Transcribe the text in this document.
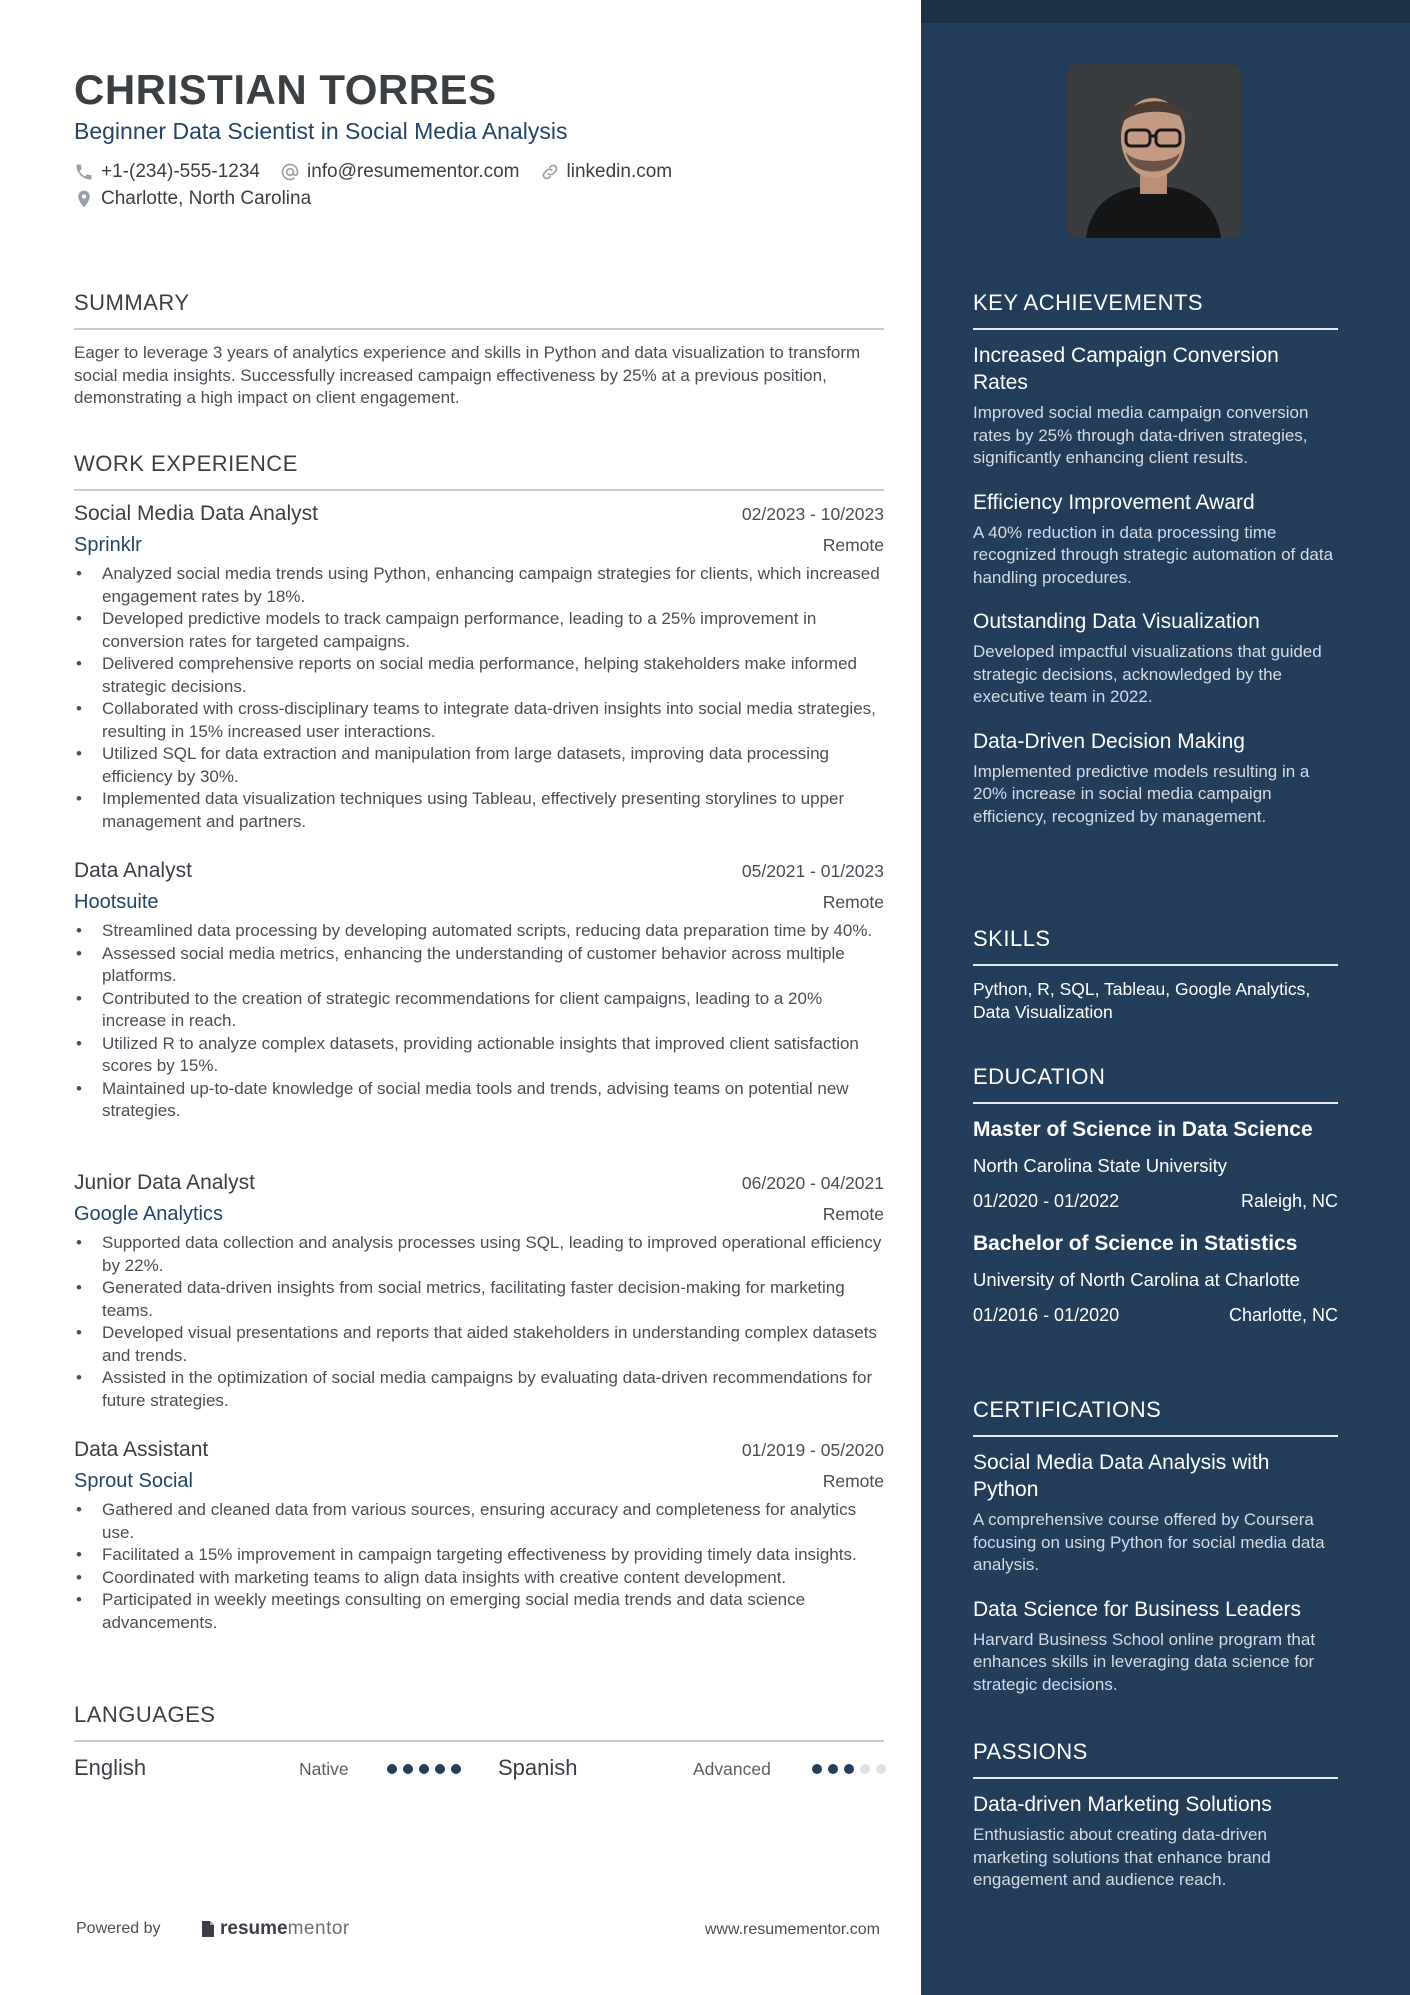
CHRISTIAN TORRES
Beginner Data Scientist in Social Media Analysis
+1-(234)-555-1234 info@resumementor.com linkedin.com
Charlotte, North Carolina
SUMMARY

Eager to leverage 3 years of analytics experience and skills in Python and data visualization to transform social media insights. Successfully increased campaign effectiveness by 25% at a previous position, demonstrating a high impact on client engagement.

WORK EXPERIENCE
Social Media Data Analyst	02/2023 - 10/2023
Sprinklr	Remote
• Analyzed social media trends using Python, enhancing campaign strategies for clients, which increased engagement rates by 18%.
• Developed predictive models to track campaign performance, leading to a 25% improvement in conversion rates for targeted campaigns.
• Delivered comprehensive reports on social media performance, helping stakeholders make informed strategic decisions.
• Collaborated with cross-disciplinary teams to integrate data-driven insights into social media strategies, resulting in 15% increased user interactions.
• Utilized SQL for data extraction and manipulation from large datasets, improving data processing efficiency by 30%.
• Implemented data visualization techniques using Tableau, effectively presenting storylines to upper management and partners.
Data Analyst	05/2021 - 01/2023
Hootsuite	Remote
• Streamlined data processing by developing automated scripts, reducing data preparation time by 40%.
• Assessed social media metrics, enhancing the understanding of customer behavior across multiple platforms.
• Contributed to the creation of strategic recommendations for client campaigns, leading to a 20% increase in reach.
• Utilized R to analyze complex datasets, providing actionable insights that improved client satisfaction scores by 15%.
• Maintained up-to-date knowledge of social media tools and trends, advising teams on potential new strategies.
Junior Data Analyst	06/2020 - 04/2021
Google Analytics	Remote
• Supported data collection and analysis processes using SQL, leading to improved operational efficiency by 22%.
• Generated data-driven insights from social metrics, facilitating faster decision-making for marketing teams.
• Developed visual presentations and reports that aided stakeholders in understanding complex datasets and trends.
• Assisted in the optimization of social media campaigns by evaluating data-driven recommendations for future strategies.
Data Assistant	01/2019 - 05/2020
Sprout Social	Remote
• Gathered and cleaned data from various sources, ensuring accuracy and completeness for analytics use.
• Facilitated a 15% improvement in campaign targeting effectiveness by providing timely data insights.
• Coordinated with marketing teams to align data insights with creative content development.
• Participated in weekly meetings consulting on emerging social media trends and data science advancements.
LANGUAGES
English	Native	Spanish	Advanced
Powered by	resume mentor	www.resumementor.com
KEY ACHIEVEMENTS
Increased Campaign Conversion Rates
Improved social media campaign conversion rates by 25% through data-driven strategies, significantly enhancing client results.
Efficiency Improvement Award
A 40% reduction in data processing time recognized through strategic automation of data handling procedures.
Outstanding Data Visualization
Developed impactful visualizations that guided strategic decisions, acknowledged by the executive team in 2022.
Data-Driven Decision Making
Implemented predictive models resulting in a 20% increase in social media campaign efficiency, recognized by management.
SKILLS
Python, R, SQL, Tableau, Google Analytics, Data Visualization
EDUCATION
Master of Science in Data Science
North Carolina State University
01/2020 - 01/2022	Raleigh, NC
Bachelor of Science in Statistics
University of North Carolina at Charlotte
01/2016 - 01/2020	Charlotte, NC
CERTIFICATIONS
Social Media Data Analysis with Python
A comprehensive course offered by Coursera focusing on using Python for social media data analysis.
Data Science for Business Leaders
Harvard Business School online program that enhances skills in leveraging data science for strategic decisions.
PASSIONS
Data-driven Marketing Solutions
Enthusiastic about creating data-driven marketing solutions that enhance brand engagement and audience reach.
